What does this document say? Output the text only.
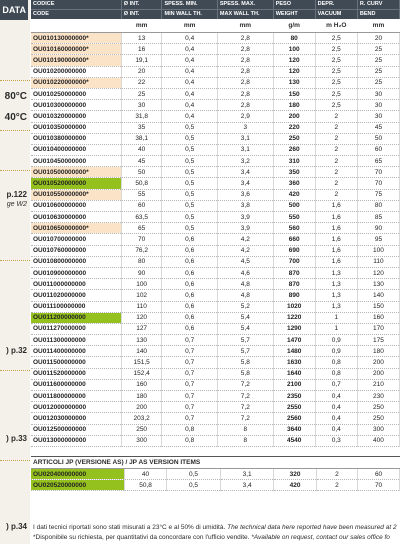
DATA
80°C
40°C
p.122
ge W2
) p.32
) p.33
) p.34
CODICE	Ø INT.	SPESS. MIN.	SPESS. MAX.	PESO	DEPR.	R. CURV
CODE	Ø INT.	MIN WALL TH.	MAX WALL TH.	WEIGHT	VACUUM	BEND
	mm	mm	mm	g/m	m H₂O	mm
OU010130000000*	13	0,4	2,8	80	2,5	20
OU010160000000*	16	0,4	2,8	100	2,5	25
OU010190000000*	19,1	0,4	2,8	120	2,5	25
OU010200000000	20	0,4	2,8	120	2,5	25
OU010220000000*	22	0,4	2,8	130	2,5	25
OU010250000000	25	0,4	2,8	150	2,5	30
OU010300000000	30	0,4	2,8	180	2,5	30
OU010320000000	31,8	0,4	2,9	200	2	30
OU010350000000	35	0,5	3	220	2	45
OU010380000000	38,1	0,5	3,1	250	2	50
OU010400000000	40	0,5	3,1	260	2	60
OU010450000000	45	0,5	3,2	310	2	65
OU010500000000*	50	0,5	3,4	350	2	70
OU010520000000	50,8	0,5	3,4	360	2	70
OU010550000000*	55	0,5	3,6	420	2	75
OU010600000000	60	0,5	3,8	500	1,6	80
OU010630000000	63,5	0,5	3,9	550	1,6	85
OU010650000000*	65	0,5	3,9	560	1,6	90
OU010700000000	70	0,6	4,2	660	1,6	95
OU010760000000	76,2	0,6	4,2	690	1,6	100
OU010800000000	80	0,6	4,5	700	1,6	110
OU010900000000	90	0,6	4,6	870	1,3	120
OU011000000000	100	0,6	4,8	870	1,3	130
OU011020000000	102	0,6	4,8	890	1,3	140
OU011100000000	110	0,6	5,2	1020	1,3	150
OU011200000000	120	0,6	5,4	1220	1	160
OU011270000000	127	0,6	5,4	1290	1	170
OU011300000000	130	0,7	5,7	1470	0,9	175
OU011400000000	140	0,7	5,7	1480	0,9	180
OU011500000000	151,5	0,7	5,8	1630	0,8	200
OU011520000000	152,4	0,7	5,8	1640	0,8	200
OU011600000000	160	0,7	7,2	2100	0,7	210
OU011800000000	180	0,7	7,2	2350	0,4	230
OU012000000000	200	0,7	7,2	2550	0,4	250
OU012030000000	203,2	0,7	7,2	2560	0,4	250
OU012500000000	250	0,8	8	3640	0,4	300
OU013000000000	300	0,8	8	4540	0,3	400
ARTICOLI JP (VERSIONE AS) / JP AS VERSION ITEMS
OU020400000000	40	0,5	3,1	320	2	60
OU020520000000	50,8	0,5	3,4	420	2	70
I dati tecnici riportati sono stati misurati a 23°C e al 50% di umidità. The technical data here reported have been measured at 2
*Disponibile su richiesta, per quantitativi da concordare con l'ufficio vendite. *Available on request, contact our sales office fo
